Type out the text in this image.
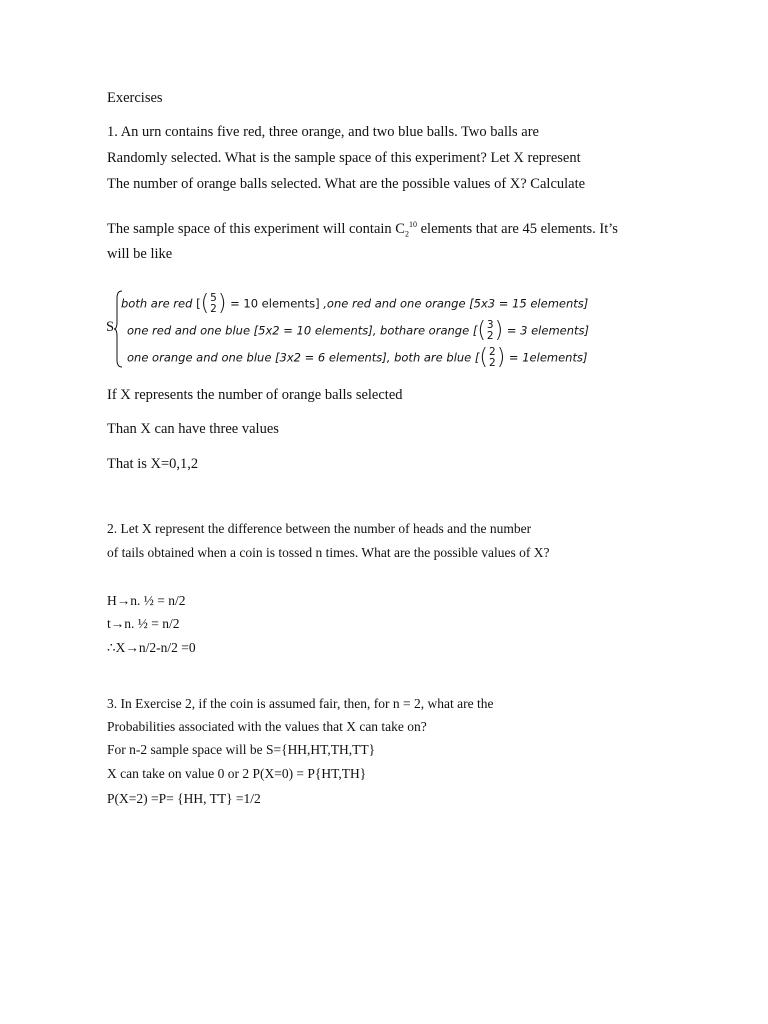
Exercises
1. An urn contains five red, three orange, and two blue balls. Two balls are
Randomly selected. What is the sample space of this experiment? Let X represent
The number of orange balls selected. What are the possible values of X? Calculate
The sample space of this experiment will contain $C_2^{10}$ elements that are 45 elements. It’s
will be like
S
both are red [( 5
2 ) = 10 elements] ,one red and one orange [5x3 = 15 elements]
one red and one blue [5x2 = 10 elements], bothare orange [( 3
2 ) = 3 elements]
one orange and one blue [3x2 = 6 elements], both are blue [( 2
2 ) = 1elements]
If X represents the number of orange balls selected
Than X can have three values
That is X=0,1,2
2. Let X represent the difference between the number of heads and the number
of tails obtained when a coin is tossed n times. What are the possible values of X?
H→n. ½ = n/2
t→n. ½ = n/2
∴X→n/2-n/2 =0
3. In Exercise 2, if the coin is assumed fair, then, for n = 2, what are the
Probabilities associated with the values that X can take on?
For n-2 sample space will be S={HH,HT,TH,TT}
X can take on value 0 or 2 P(X=0) = P{HT,TH}
P(X=2) =P= {HH, TT} =1/2
